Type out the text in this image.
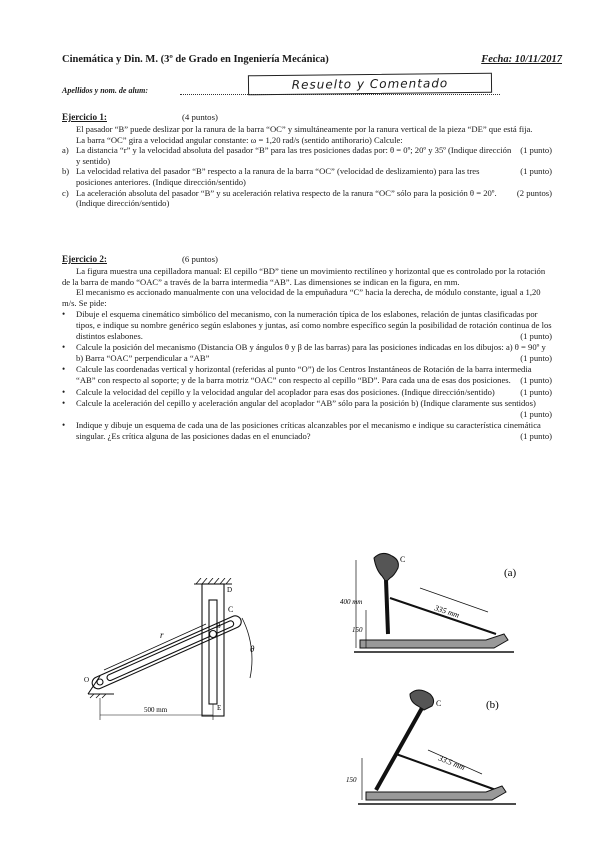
Cinemática y Din. M. (3º de Grado en Ingeniería Mecánica)	Fecha: 10/11/2017
Apellidos y nom. de alum:	Resuelto y Comentado
Ejercicio 1:	(4 puntos)

El pasador “B” puede deslizar por la ranura de la barra “OC” y simultáneamente por la ranura vertical de la pieza “DE” que está fija.

La barra “OC” gira a velocidad angular constante: ω = 1,20 rad/s (sentido antihorario) Calcule:

a)	(1 punto)
La distancia “r” y la velocidad absoluta del pasador “B” para las tres posiciones dadas por: θ = 0º; 20º y 35º (Indique dirección y sentido)
b)	(1 punto)
La velocidad relativa del pasador “B” respecto a la ranura de la barra “OC” (velocidad de deslizamiento) para las tres posiciones anteriores. (Indique dirección/sentido)
c)	(2 puntos)
La aceleración absoluta del pasador “B” y su aceleración relativa respecto de la ranura “OC” sólo para la posición θ = 20º. (Indique dirección/sentido)
Ejercicio 2:	(6 puntos)

La figura muestra una cepilladora manual: El cepillo “BD” tiene un movimiento rectilíneo y horizontal que es controlado por la rotación de la barra de mando “OAC” a través de la barra intermedia “AB”. Las dimensiones se indican en la figura, en mm.

El mecanismo es accionado manualmente con una velocidad de la empuñadura “C” hacia la derecha, de módulo constante, igual a 1,20 m/s. Se pide:

•	Dibuje el esquema cinemático simbólico del mecanismo, con la numeración típica de los eslabones, relación de juntas clasificadas por tipos, e indique su nombre genérico según eslabones y juntas, así como nombre específico según la posibilidad de rotación continua de los distintos eslabones.	(1 punto)
•	Calcule la posición del mecanismo (Distancia OB y ángulos θ y β de las barras) para las posiciones indicadas en los dibujos: a) θ = 90º y b) Barra “OAC” perpendicular a “AB”	(1 punto)
•	Calcule las coordenadas vertical y horizontal (referidas al punto “O”) de los Centros Instantáneos de Rotación de la barra intermedia “AB” con respecto al soporte; y de la barra motriz “OAC” con respecto al cepillo “BD”. Para cada una de esas dos posiciones.	(1 punto)
•	Calcule la velocidad del cepillo y la velocidad angular del acoplador para esas dos posiciones. (Indique dirección/sentido)	(1 punto)
•	Calcule la aceleración del cepillo y aceleración angular del acoplador “AB” sólo para la posición b) (Indique claramente sus sentidos)
(1 punto)
•	Indique y dibuje un esquema de cada una de las posiciones críticas alcanzables por el mecanismo e indique su característica cinemática singular. ¿Es crítica alguna de las posiciones dadas en el enunciado?	(1 punto)
r
C
B
D
E
θ
O
500 mm
400 mm
150
335 mm
C
(a)
C
150
33.5 mm
(b)
